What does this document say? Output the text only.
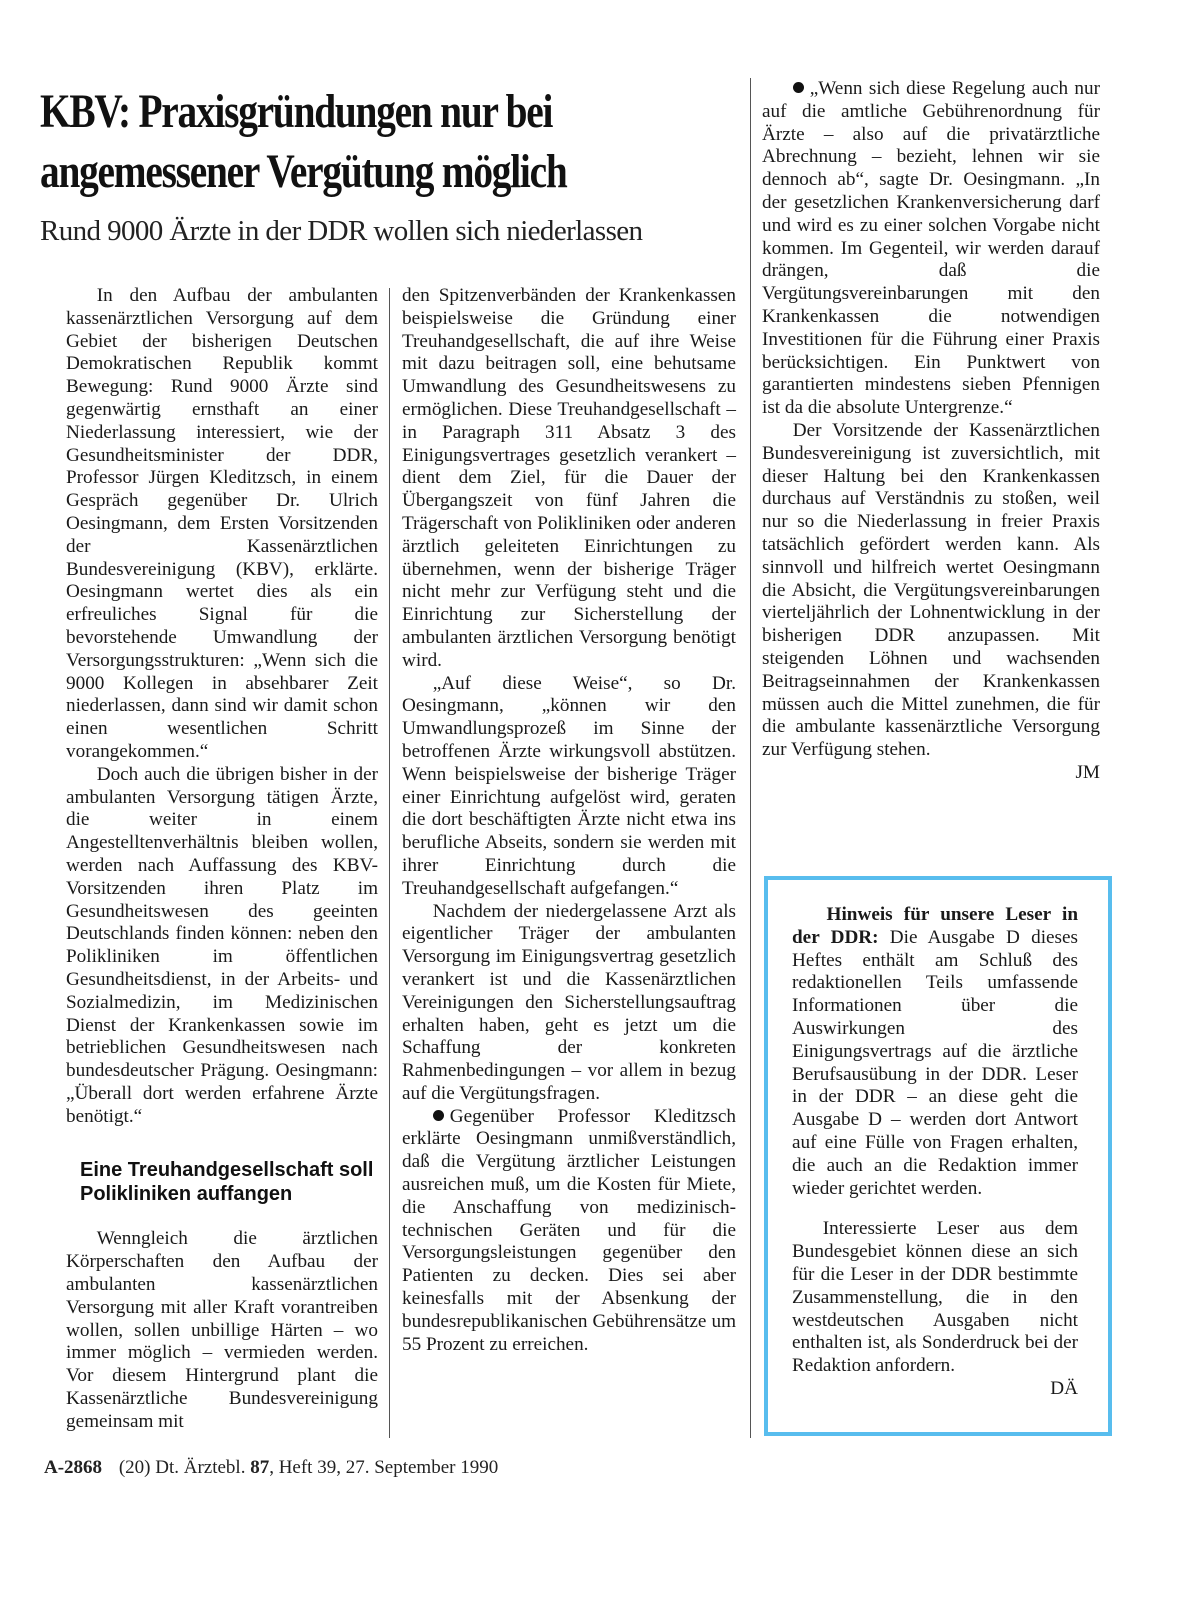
KBV: Praxisgründungen nur bei angemessener Vergütung möglich
Rund 9000 Ärzte in der DDR wollen sich niederlassen

In den Aufbau der ambulanten kassenärztlichen Versorgung auf dem Gebiet der bisherigen Deutschen Demokratischen Republik kommt Bewegung: Rund 9000 Ärzte sind gegenwärtig ernsthaft an einer Niederlassung interessiert, wie der Gesundheitsminister der DDR, Professor Jürgen Kleditzsch, in einem Gespräch gegenüber Dr. Ulrich Oesingmann, dem Ersten Vorsitzenden der Kassenärztlichen Bundesvereinigung (KBV), erklärte. Oesingmann wertet dies als ein erfreuliches Signal für die bevorstehende Umwandlung der Versorgungsstrukturen: „Wenn sich die 9000 Kollegen in absehbarer Zeit niederlassen, dann sind wir damit schon einen wesentlichen Schritt vorangekommen.“

Doch auch die übrigen bisher in der ambulanten Versorgung tätigen Ärzte, die weiter in einem Angestelltenverhältnis bleiben wollen, werden nach Auffassung des KBV-Vorsitzenden ihren Platz im Gesundheitswesen des geeinten Deutschlands finden können: neben den Polikliniken im öffentlichen Gesundheitsdienst, in der Arbeits- und Sozialmedizin, im Medizinischen Dienst der Krankenkassen sowie im betrieblichen Gesundheitswesen nach bundesdeutscher Prägung. Oesingmann: „Überall dort werden erfahrene Ärzte benötigt.“

Eine Treuhandgesellschaft soll Polikliniken auffangen

Wenngleich die ärztlichen Körperschaften den Aufbau der ambulanten kassenärztlichen Versorgung mit aller Kraft vorantreiben wollen, sollen unbillige Härten – wo immer möglich – vermieden werden. Vor diesem Hintergrund plant die Kassenärztliche Bundesvereinigung gemeinsam mit

den Spitzenverbänden der Krankenkassen beispielsweise die Gründung einer Treuhandgesellschaft, die auf ihre Weise mit dazu beitragen soll, eine behutsame Umwandlung des Gesundheitswesens zu ermöglichen. Diese Treuhandgesellschaft – in Paragraph 311 Absatz 3 des Einigungsvertrages gesetzlich verankert – dient dem Ziel, für die Dauer der Übergangszeit von fünf Jahren die Trägerschaft von Polikliniken oder anderen ärztlich geleiteten Einrichtungen zu übernehmen, wenn der bisherige Träger nicht mehr zur Verfügung steht und die Einrichtung zur Sicherstellung der ambulanten ärztlichen Versorgung benötigt wird.

„Auf diese Weise“, so Dr. Oesingmann, „können wir den Umwandlungsprozeß im Sinne der betroffenen Ärzte wirkungsvoll abstützen. Wenn beispielsweise der bisherige Träger einer Einrichtung aufgelöst wird, geraten die dort beschäftigten Ärzte nicht etwa ins berufliche Abseits, sondern sie werden mit ihrer Einrichtung durch die Treuhandgesellschaft aufgefangen.“

Nachdem der niedergelassene Arzt als eigentlicher Träger der ambulanten Versorgung im Einigungsvertrag gesetzlich verankert ist und die Kassenärztlichen Vereinigungen den Sicherstellungsauftrag erhalten haben, geht es jetzt um die Schaffung der konkreten Rahmenbedingungen – vor allem in bezug auf die Vergütungsfragen.

Gegenüber Professor Kleditzsch erklärte Oesingmann unmißverständlich, daß die Vergütung ärztlicher Leistungen ausreichen muß, um die Kosten für Miete, die Anschaffung von medizinisch-technischen Geräten und für die Versorgungsleistungen gegenüber den Patienten zu decken. Dies sei aber keinesfalls mit der Absenkung der bundesrepublikanischen Gebührensätze um 55 Prozent zu erreichen.

„Wenn sich diese Regelung auch nur auf die amtliche Gebührenordnung für Ärzte – also auf die privatärztliche Abrechnung – bezieht, lehnen wir sie dennoch ab“, sagte Dr. Oesingmann. „In der gesetzlichen Krankenversicherung darf und wird es zu einer solchen Vorgabe nicht kommen. Im Gegenteil, wir werden darauf drängen, daß die Vergütungsvereinbarungen mit den Krankenkassen die notwendigen Investitionen für die Führung einer Praxis berücksichtigen. Ein Punktwert von garantierten mindestens sieben Pfennigen ist da die absolute Untergrenze.“

Der Vorsitzende der Kassenärztlichen Bundesvereinigung ist zuversichtlich, mit dieser Haltung bei den Krankenkassen durchaus auf Verständnis zu stoßen, weil nur so die Niederlassung in freier Praxis tatsächlich gefördert werden kann. Als sinnvoll und hilfreich wertet Oesingmann die Absicht, die Vergütungsvereinbarungen vierteljährlich der Lohnentwicklung in der bisherigen DDR anzupassen. Mit steigenden Löhnen und wachsenden Beitragseinnahmen der Krankenkassen müssen auch die Mittel zunehmen, die für die ambulante kassenärztliche Versorgung zur Verfügung stehen.

JM

Hinweis für unsere Leser in der DDR: Die Ausgabe D dieses Heftes enthält am Schluß des redaktionellen Teils umfassende Informationen über die Auswirkungen des Einigungsvertrags auf die ärztliche Berufsausübung in der DDR. Leser in der DDR – an diese geht die Ausgabe D – werden dort Antwort auf eine Fülle von Fragen erhalten, die auch an die Redaktion immer wieder gerichtet werden.

Interessierte Leser aus dem Bundesgebiet können diese an sich für die Leser in der DDR bestimmte Zusammenstellung, die in den westdeutschen Ausgaben nicht enthalten ist, als Sonderdruck bei der Redaktion anfordern.

DÄ
A-2868 (20) Dt. Ärztebl. 87, Heft 39, 27. September 1990
